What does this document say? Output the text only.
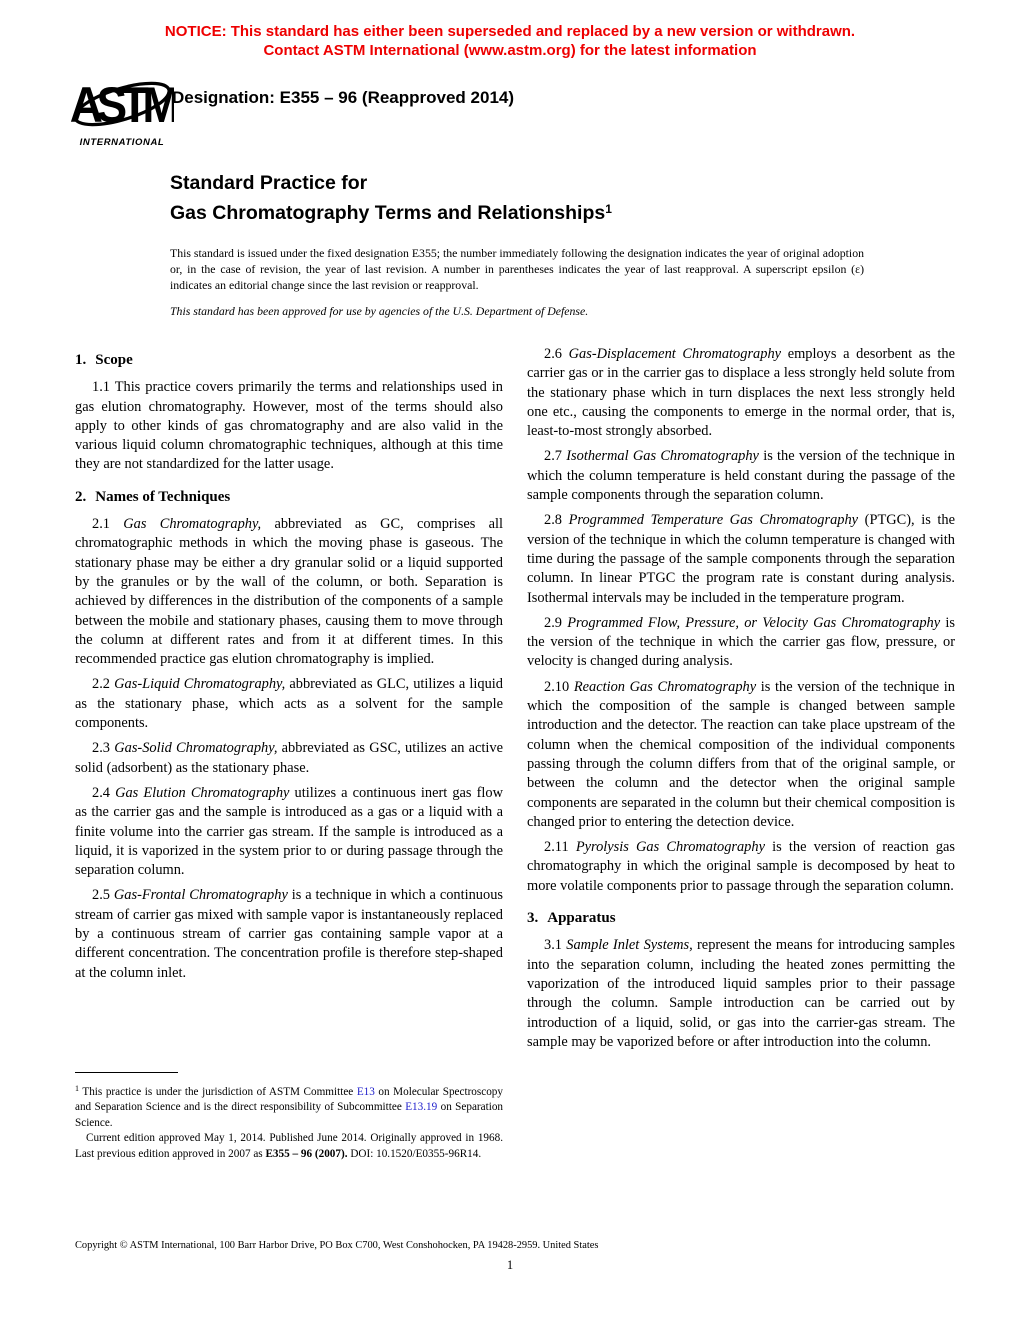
NOTICE: This standard has either been superseded and replaced by a new version or withdrawn.
Contact ASTM International (www.astm.org) for the latest information
ASTM
INTERNATIONAL
Designation: E355 – 96 (Reapproved 2014)
Standard Practice for
Gas Chromatography Terms and Relationships$^1$
This standard is issued under the fixed designation E355; the number immediately following the designation indicates the year of original adoption or, in the case of revision, the year of last revision. A number in parentheses indicates the year of last reapproval. A superscript epsilon (ε) indicates an editorial change since the last revision or reapproval.
This standard has been approved for use by agencies of the U.S. Department of Defense.
1. Scope

1.1 This practice covers primarily the terms and relationships used in gas elution chromatography. However, most of the terms should also apply to other kinds of gas chromatography and are also valid in the various liquid column chromatographic techniques, although at this time they are not standardized for the latter usage.

2. Names of Techniques

2.1 Gas Chromatography, abbreviated as GC, comprises all chromatographic methods in which the moving phase is gaseous. The stationary phase may be either a dry granular solid or a liquid supported by the granules or by the wall of the column, or both. Separation is achieved by differences in the distribution of the components of a sample between the mobile and stationary phases, causing them to move through the column at different rates and from it at different times. In this recommended practice gas elution chromatography is implied.

2.2 Gas-Liquid Chromatography, abbreviated as GLC, utilizes a liquid as the stationary phase, which acts as a solvent for the sample components.

2.3 Gas-Solid Chromatography, abbreviated as GSC, utilizes an active solid (adsorbent) as the stationary phase.

2.4 Gas Elution Chromatography utilizes a continuous inert gas flow as the carrier gas and the sample is introduced as a gas or a liquid with a finite volume into the carrier gas stream. If the sample is introduced as a liquid, it is vaporized in the system prior to or during passage through the separation column.

2.5 Gas-Frontal Chromatography is a technique in which a continuous stream of carrier gas mixed with sample vapor is instantaneously replaced by a continuous stream of carrier gas containing sample vapor at a different concentration. The concentration profile is therefore step-shaped at the column inlet.

2.6 Gas-Displacement Chromatography employs a desorbent as the carrier gas or in the carrier gas to displace a less strongly held solute from the stationary phase which in turn displaces the next less strongly held one etc., causing the components to emerge in the normal order, that is, least-to-most strongly absorbed.

2.7 Isothermal Gas Chromatography is the version of the technique in which the column temperature is held constant during the passage of the sample components through the separation column.

2.8 Programmed Temperature Gas Chromatography (PTGC), is the version of the technique in which the column temperature is changed with time during the passage of the sample components through the separation column. In linear PTGC the program rate is constant during analysis. Isothermal intervals may be included in the temperature program.

2.9 Programmed Flow, Pressure, or Velocity Gas Chromatography is the version of the technique in which the carrier gas flow, pressure, or velocity is changed during analysis.

2.10 Reaction Gas Chromatography is the version of the technique in which the composition of the sample is changed between sample introduction and the detector. The reaction can take place upstream of the column when the chemical composition of the individual components passing through the column differs from that of the original sample, or between the column and the detector when the original sample components are separated in the column but their chemical composition is changed prior to entering the detection device.

2.11 Pyrolysis Gas Chromatography is the version of reaction gas chromatography in which the original sample is decomposed by heat to more volatile components prior to passage through the separation column.

3. Apparatus

3.1 Sample Inlet Systems, represent the means for introducing samples into the separation column, including the heated zones permitting the vaporization of the introduced liquid samples prior to their passage through the column. Sample introduction can be carried out by introduction of a liquid, solid, or gas into the carrier-gas stream. The sample may be vaporized before or after introduction into the column.

$^1$ This practice is under the jurisdiction of ASTM Committee E13 on Molecular Spectroscopy and Separation Science and is the direct responsibility of Subcommittee E13.19 on Separation Science.

Current edition approved May 1, 2014. Published June 2014. Originally approved in 1968. Last previous edition approved in 2007 as E355 – 96 (2007). DOI: 10.1520/E0355-96R14.

Copyright © ASTM International, 100 Barr Harbor Drive, PO Box C700, West Conshohocken, PA 19428-2959. United States
1
